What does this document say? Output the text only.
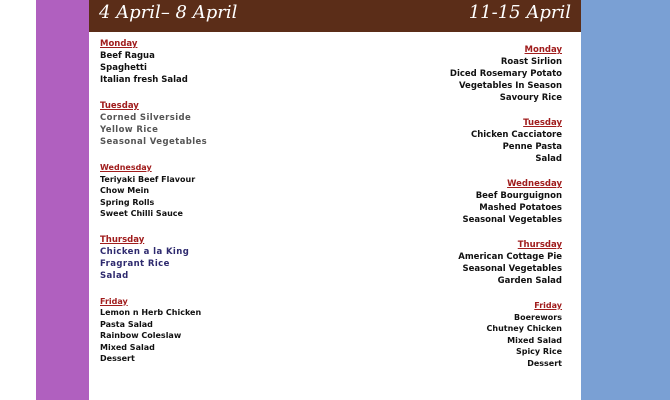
4 April– 8 April	11-15 April
Monday
Beef Ragua
Spaghetti
Italian fresh Salad
Tuesday
Corned Silverside
Yellow Rice
Seasonal Vegetables
Wednesday
Teriyaki Beef Flavour
Chow Mein
Spring Rolls
Sweet Chilli Sauce
Thursday
Chicken a la King
Fragrant Rice
Salad
Friday
Lemon n Herb Chicken
Pasta Salad
Rainbow Coleslaw
Mixed Salad
Dessert
Monday
Roast Sirlion
Diced Rosemary Potato
Vegetables In Season
Savoury Rice
Tuesday
Chicken Cacciatore
Penne Pasta
Salad
Wednesday
Beef Bourguignon
Mashed Potatoes
Seasonal Vegetables
Thursday
American Cottage Pie
Seasonal Vegetables
Garden Salad
Friday
Boerewors
Chutney Chicken
Mixed Salad
Spicy Rice
Dessert
